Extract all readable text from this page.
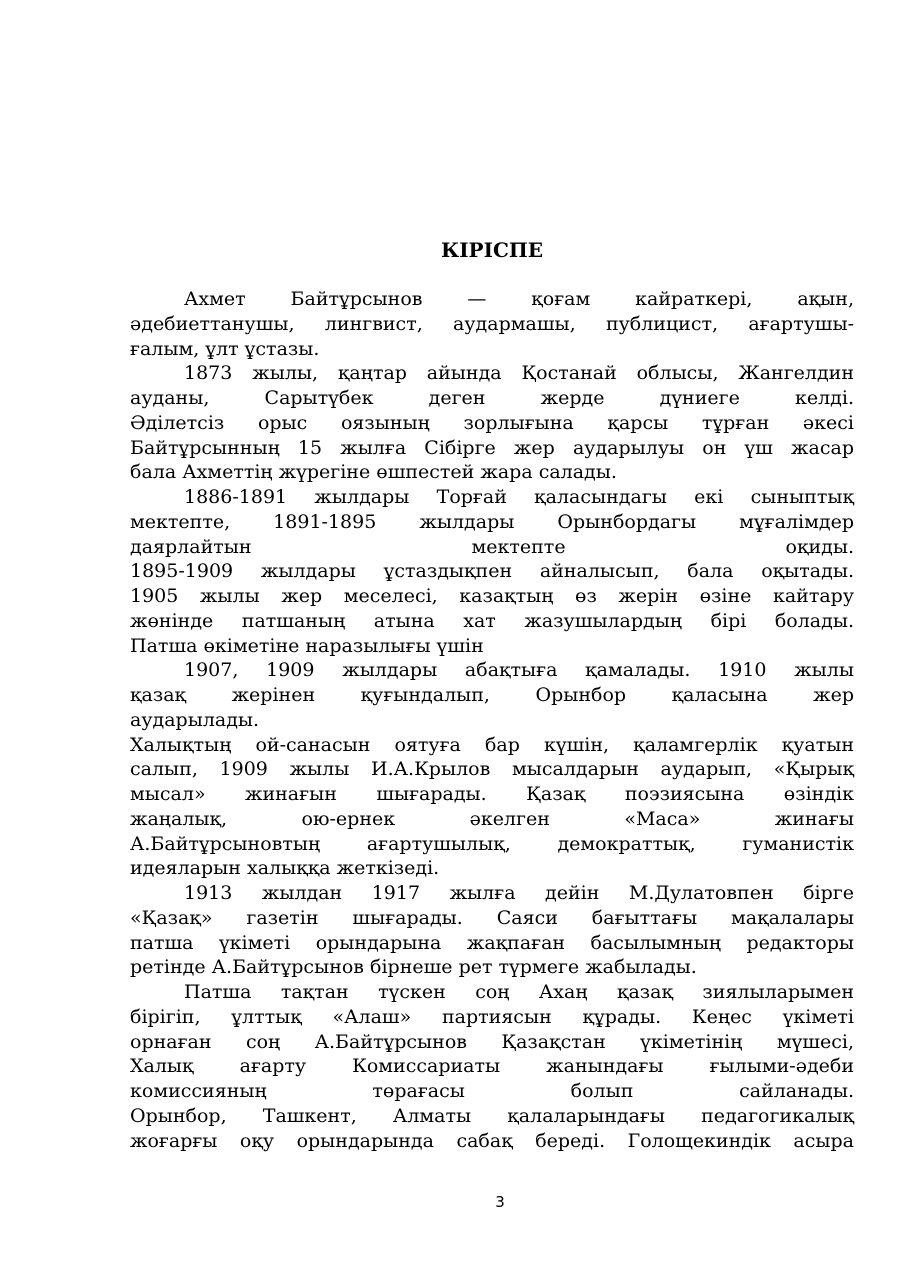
КІРІСПЕ
Ахмет Байтұрсынов — қоғам кайраткері, ақын,
әдебиеттанушы, лингвист, аудармашы, публицист, ағартушы-
ғалым, ұлт ұстазы.
1873 жылы, қаңтар айында Қостанай облысы, Жангелдин
ауданы, Сарытүбек деген жерде дүниеге келді.
Әділетсіз орыс оязының зорлығына қарсы тұрған әкесі
Байтұрсынның 15 жылға Сібірге жер аударылуы он үш жасар
бала Ахметтің жүрегіне өшпестей жара салады.
1886-1891 жылдары Торғай қаласындагы екі сыныптық
мектепте, 1891-1895 жылдары Орынбордагы мұғалімдер
даярлайтын мектепте оқиды.
1895-1909 жылдары ұстаздықпен айналысып, бала оқытады.
1905 жылы жер меселесі, казақтың өз жерін өзіне кайтару
жөнінде патшаның атына хат жазушылардың бірі болады.
Патша өкіметіне наразылығы үшін
1907, 1909 жылдары абақтыға қамалады. 1910 жылы
қазақ жерінен қуғындалып, Орынбор қаласына жер
аударылады.
Халықтың ой-санасын оятуға бар күшін, қаламгерлік қуатын
салып, 1909 жылы И.А.Крылов мысалдарын аударып, «Қырық
мысал» жинағын шығарады. Қазақ поэзиясына өзіндік
жаңалық, ою-ернек әкелген «Маса» жинағы
А.Байтұрсыновтың ағартушылық, демократтық, гуманистік
идеяларын халыққа жеткізеді.
1913 жылдан 1917 жылға дейін М.Дулатовпен бірге
«Қазақ» газетін шығарады. Саяси бағыттағы мақалалары
патша үкіметі орындарына жақпаған басылымның редакторы
ретінде А.Байтұрсынов бірнеше рет түрмеге жабылады.
Патша тақтан түскен соң Ахаң қазақ зиялыларымен
бірігіп, ұлттық «Алаш» партиясын құрады. Кеңес үкіметі
орнаған соң А.Байтұрсынов Қазақстан үкіметінің мүшесі,
Халық ағарту Комиссариаты жанындағы ғылыми-әдеби
комиссияның төрағасы болып сайланады.
Орынбор, Ташкент, Алматы қалаларындағы педагогикалық
жоғарғы оқу орындарында сабақ береді. Голощекиндік асыра
3
